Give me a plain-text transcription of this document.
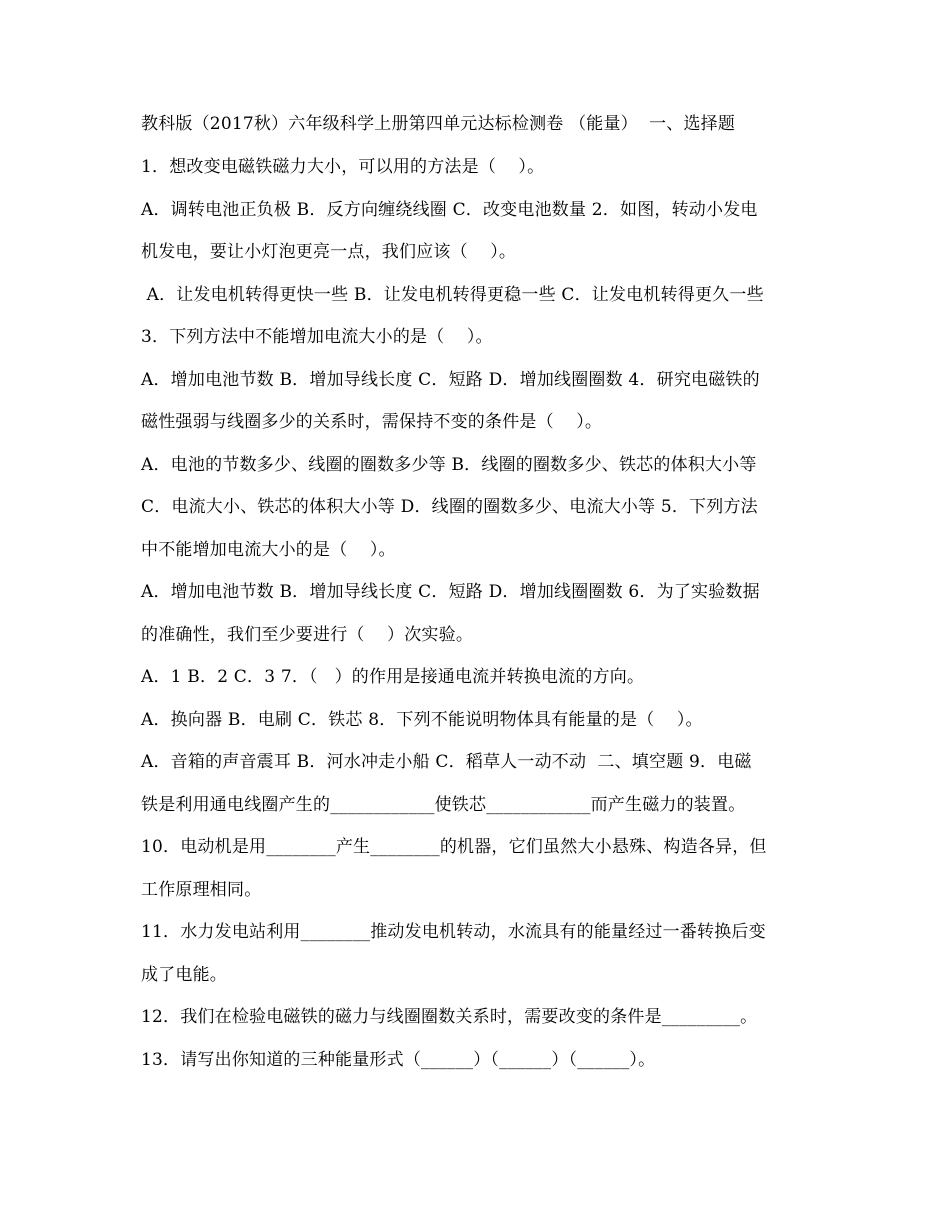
教科版（2017秋）六年级科学上册第四单元达标检测卷 （能量）  一、选择题
1．想改变电磁铁磁力大小，可以用的方法是（    ）。
A．调转电池正负极 B．反方向缠绕线圈 C．改变电池数量 2．如图，转动小发电
机发电，要让小灯泡更亮一点，我们应该（    ）。
A．让发电机转得更快一些 B．让发电机转得更稳一些 C．让发电机转得更久一些
3．下列方法中不能增加电流大小的是（    ）。
A．增加电池节数 B．增加导线长度 C．短路 D．增加线圈圈数 4．研究电磁铁的
磁性强弱与线圈多少的关系时，需保持不变的条件是（    ）。
A．电池的节数多少、线圈的圈数多少等 B．线圈的圈数多少、铁芯的体积大小等
C．电流大小、铁芯的体积大小等 D．线圈的圈数多少、电流大小等 5．下列方法
中不能增加电流大小的是（    ）。
A．增加电池节数 B．增加导线长度 C．短路 D．增加线圈圈数 6．为了实验数据
的准确性，我们至少要进行（    ）次实验。
A．1 B．2 C．3 7．（   ）的作用是接通电流并转换电流的方向。
A．换向器 B．电刷 C．铁芯 8．下列不能说明物体具有能量的是（    ）。
A．音箱的声音震耳 B．河水冲走小船 C．稻草人一动不动  二、填空题 9．电磁
铁是利用通电线圈产生的____________使铁芯____________而产生磁力的装置。
10．电动机是用________产生________的机器，它们虽然大小悬殊、构造各异，但
工作原理相同。
11．水力发电站利用________推动发电机转动，水流具有的能量经过一番转换后变
成了电能。
12．我们在检验电磁铁的磁力与线圈圈数关系时，需要改变的条件是_________。
13．请写出你知道的三种能量形式（______）（______）（______）。
